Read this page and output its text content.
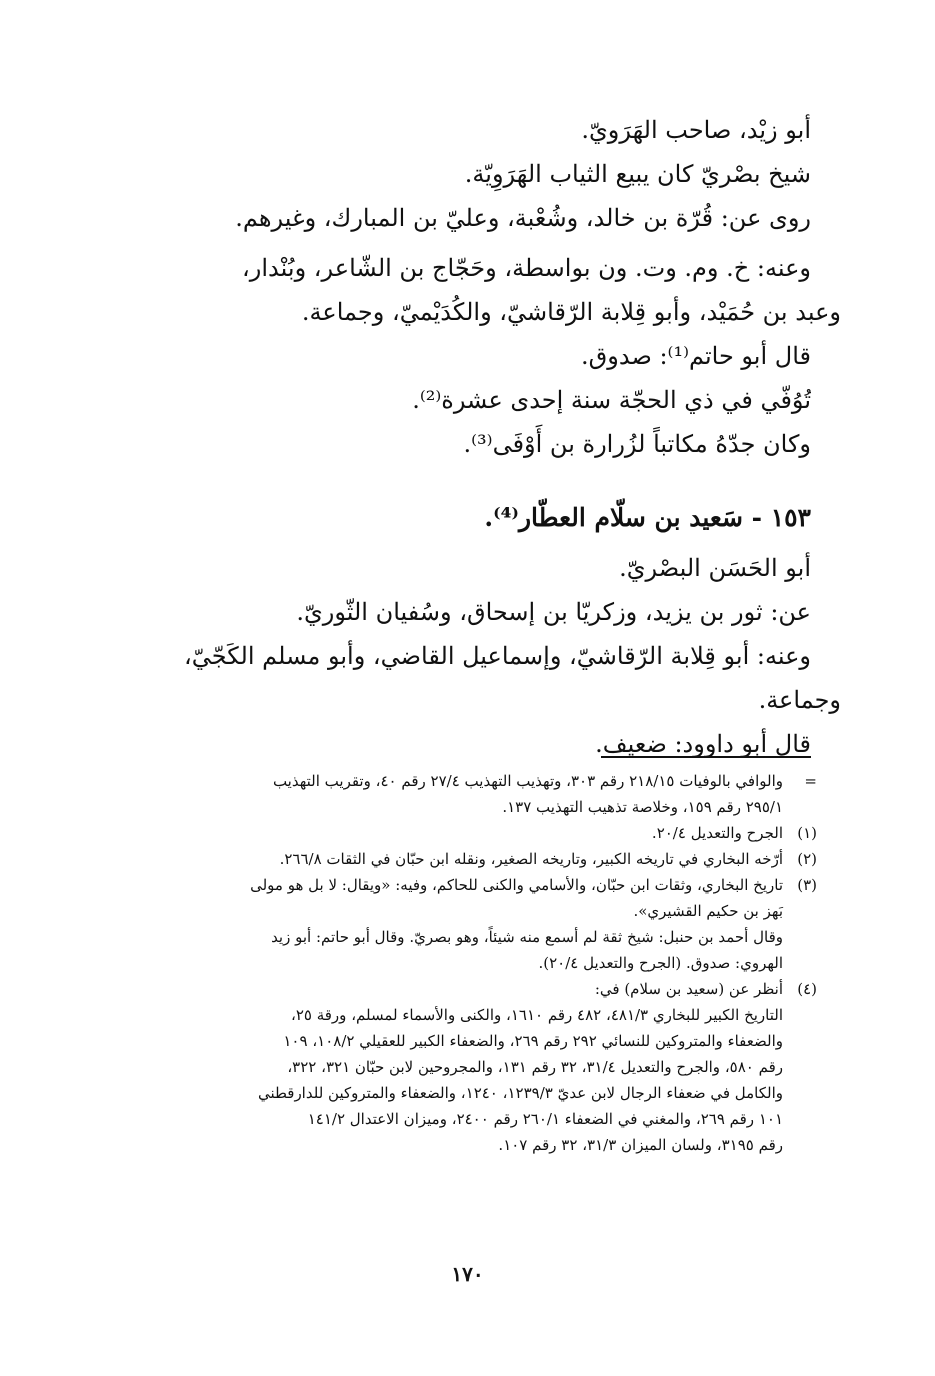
أبو زيْد، صاحب الهَرَويّ.
شيخ بصْريّ كان يبيع الثياب الهَرَوِيّة.
روى عن: قُرّة بن خالد، وشُعْبة، وعليّ بن المبارك، وغيرهم.
وعنه: خ. وم. وت. ون بواسطة، وحَجّاج بن الشّاعر، وبُنْدار،
وعبد بن حُمَيْد، وأبو قِلابة الرّقاشيّ، والكُدَيْميّ، وجماعة.
قال أبو حاتم⁽¹⁾: صدوق.
تُوُفّي في ذي الحجّة سنة إحدى عشرة⁽²⁾.
وكان جدّهُ مكاتباً لزُرارة بن أَوْفَى⁽³⁾.
١٥٣ - سَعيد بن سلّام العطّار⁽⁴⁾.
أبو الحَسَن البصْريّ.
عن: ثور بن يزيد، وزكريّا بن إسحاق، وسُفيان الثّوريّ.
وعنه: أبو قِلابة الرّقاشيّ، وإسماعيل القاضي، وأبو مسلم الكَجّيّ،
وجماعة.
قال أبو داوود: ضعيف.
=
والوافي بالوفيات ٢١٨/١٥ رقم ٣٠٣، وتهذيب التهذيب ٢٧/٤ رقم ٤٠، وتقريب التهذيب
٢٩٥/١ رقم ١٥٩، وخلاصة تذهيب التهذيب ١٣٧.
(١)
الجرح والتعديل ٢٠/٤.
(٢)
أرّخه البخاري في تاريخه الكبير، وتاريخه الصغير، ونقله ابن حبّان في الثقات ٢٦٦/٨.
(٣)
تاريخ البخاري، وثقات ابن حبّان، والأسامي والكنى للحاكم، وفيه: «ويقال: لا بل هو مولى
بَهز بن حكيم القشيري».
وقال أحمد بن حنبل: شيخ ثقة لم أسمع منه شيئاً، وهو بصريّ. وقال أبو حاتم: أبو زيد
الهروي: صدوق. (الجرح والتعديل ٢٠/٤).
(٤)
أنظر عن (سعيد بن سلام) في:
التاريخ الكبير للبخاري ٤٨١/٣، ٤٨٢ رقم ١٦١٠، والكنى والأسماء لمسلم، ورقة ٢٥،
والضعفاء والمتروكين للنسائي ٢٩٢ رقم ٢٦٩، والضعفاء الكبير للعقيلي ١٠٨/٢، ١٠٩
رقم ٥٨٠، والجرح والتعديل ٣١/٤، ٣٢ رقم ١٣١، والمجروحين لابن حبّان ٣٢١، ٣٢٢،
والكامل في ضعفاء الرجال لابن عديّ ١٢٣٩/٣، ١٢٤٠، والضعفاء والمتروكين للدارقطني
١٠١ رقم ٢٦٩، والمغني في الضعفاء ٢٦٠/١ رقم ٢٤٠٠، وميزان الاعتدال ١٤١/٢
رقم ٣١٩٥، ولسان الميزان ٣١/٣، ٣٢ رقم ١٠٧.
١٧٠
